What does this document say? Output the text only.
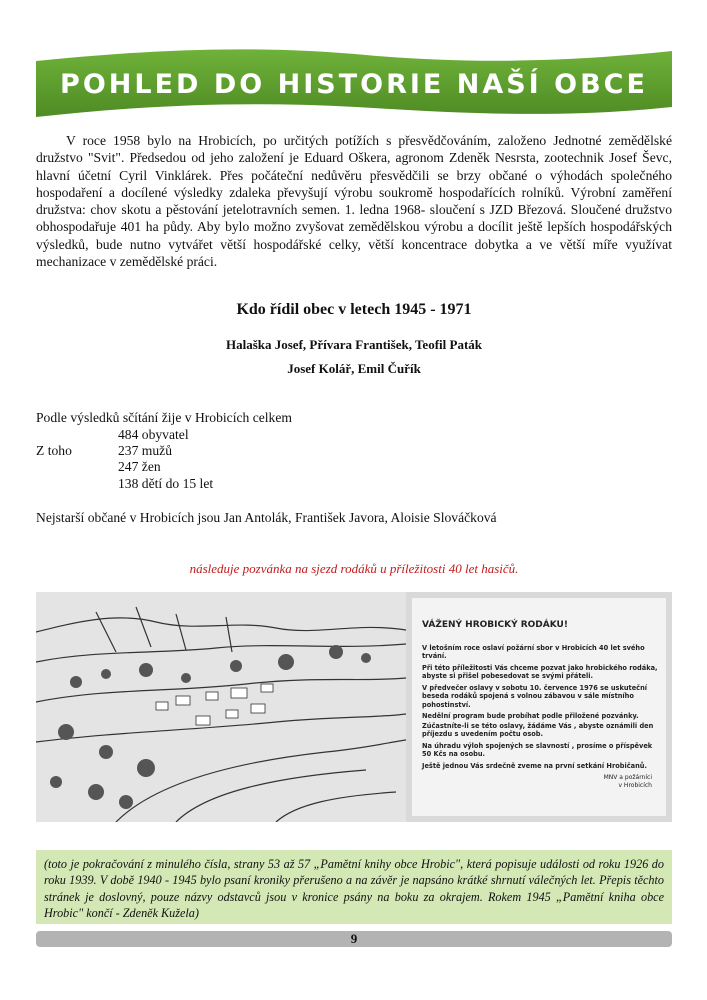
POHLED DO HISTORIE NAŠÍ OBCE

V roce 1958 bylo na Hrobicích, po určitých potížích s přesvědčováním, založeno Jednotné zemědělské družstvo "Svit". Předsedou od jeho založení je Eduard Oškera, agronom Zdeněk Nesrsta, zootechnik Josef Ševc, hlavní účetní Cyril Vinklárek. Přes počáteční nedůvěru přesvědčili se brzy občané o výhodách společného hospodaření a docílené výsledky zdaleka převyšují výrobu soukromě hospodařících rolníků. Výrobní zaměření družstva: chov skotu a pěstování jetelotravních semen. 1. ledna 1968- sloučení s JZD Březová. Sloučené družstvo obhospodařuje 401 ha půdy. Aby bylo možno zvyšovat zemědělskou výrobu a docílit ještě lepších hospodářských výsledků, bude nutno vytvářet větší hospodářské celky, větší koncentrace dobytka a ve větší míře využívat mechanizace v zemědělské práci.

Kdo řídil obec v letech 1945 - 1971
Halaška Josef, Přívara František, Teofil Paták
Josef Kolář, Emil Čuřík
Podle výsledků sčítání žije v Hrobicích celkem
484 obyvatel
Z toho	237 mužů
247 žen
138 dětí do 15 let
Nejstarší občané v Hrobicích jsou Jan Antolák, František Javora, Aloisie Slováčková
následuje pozvánka na sjezd rodáků u příležitosti 40 let hasičů.
VÁŽENÝ HROBICKÝ RODÁKU!

V letošním roce oslaví požární sbor v Hrobicích 40 let svého trvání.

Při této příležitosti Vás chceme pozvat jako hrobického rodáka, abyste si přišel pobesedovat se svými přáteli.

V předvečer oslavy v sobotu 10. července 1976 se uskuteční beseda rodáků spojená s volnou zábavou v sále místního pohostinství.

Nedělní program bude probíhat podle přiložené pozvánky.

Zúčastníte-li se této oslavy, žádáme Vás , abyste oznámili den příjezdu s uvedením počtu osob.

Na úhradu výloh spojených se slavností , prosíme o příspěvek 50 Kčs na osobu.

Ještě jednou Vás srdečně zveme na první setkání Hrobičanů.

MNV a požárníci
v Hrobicích
(toto je pokračování z minulého čísla, strany 53 až 57 „Pamětní knihy obce Hrobic", která popisuje události od roku 1926 do roku 1939. V době 1940 - 1945 bylo psaní kroniky přerušeno a na závěr je napsáno krátké shrnutí válečných let. Přepis těchto stránek je doslovný, pouze názvy odstavců jsou v kronice psány na boku za okrajem. Rokem 1945 „Pamětní kniha obce Hrobic" končí - Zdeněk Kužela)
9
